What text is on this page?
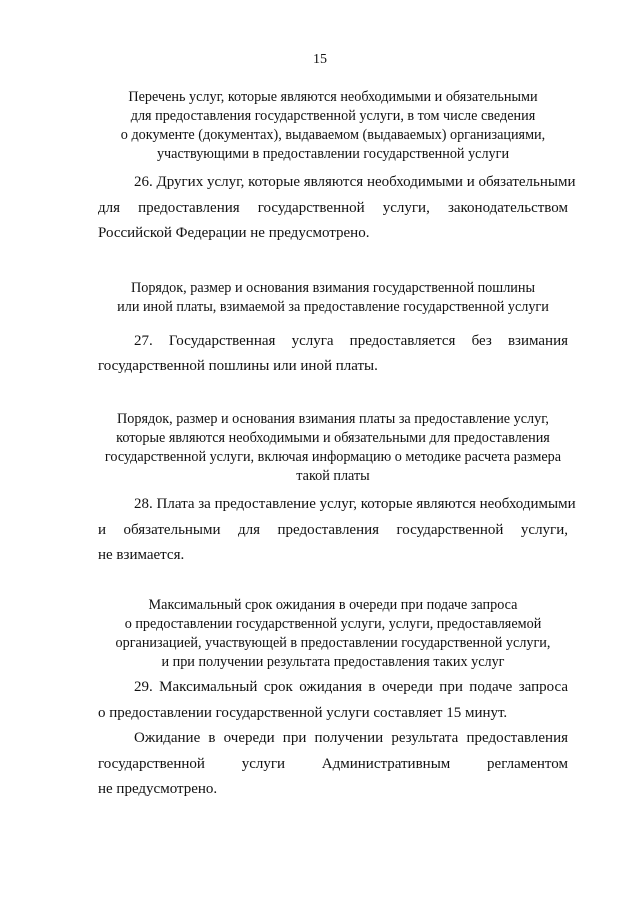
15
Перечень услуг, которые являются необходимыми и обязательными
для предоставления государственной услуги, в том числе сведения
о документе (документах), выдаваемом (выдаваемых) организациями,
участвующими в предоставлении государственной услуги
26. Других услуг, которые являются необходимыми и обязательными
для предоставления государственной услуги, законодательством
Российской Федерации не предусмотрено.
Порядок, размер и основания взимания государственной пошлины
или иной платы, взимаемой за предоставление государственной услуги
27. Государственная услуга предоставляется без взимания
государственной пошлины или иной платы.
Порядок, размер и основания взимания платы за предоставление услуг,
которые являются необходимыми и обязательными для предоставления
государственной услуги, включая информацию о методике расчета размера
такой платы
28. Плата за предоставление услуг, которые являются необходимыми
и обязательными для предоставления государственной услуги,
не взимается.
Максимальный срок ожидания в очереди при подаче запроса
о предоставлении государственной услуги, услуги, предоставляемой
организацией, участвующей в предоставлении государственной услуги,
и при получении результата предоставления таких услуг
29. Максимальный срок ожидания в очереди при подаче запроса
о предоставлении государственной услуги составляет 15 минут.
Ожидание в очереди при получении результата предоставления
государственной услуги Административным регламентом
не предусмотрено.
